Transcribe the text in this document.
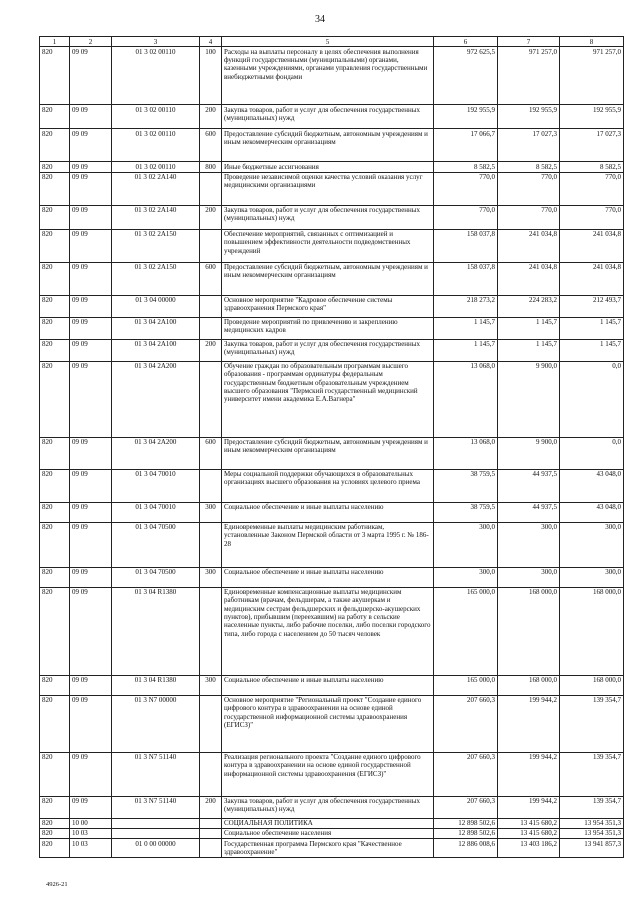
34
1	2	3	4	5	6	7	8
820	09 09	01 3 02 00110	100	Расходы на выплаты персоналу в целях обеспечения выполнения функций государственными (муниципальными) органами, казенными учреждениями, органами управления государственными внебюджетными фондами	972 625,5	971 257,0	971 257,0
820	09 09	01 3 02 00110	200	Закупка товаров, работ и услуг для обеспечения государственных (муниципальных) нужд	192 955,9	192 955,9	192 955,9
820	09 09	01 3 02 00110	600	Предоставление субсидий бюджетным, автономным учреждениям и иным некоммерческим организациям	17 066,7	17 027,3	17 027,3
820	09 09	01 3 02 00110	800	Иные бюджетные ассигнования	8 582,5	8 582,5	8 582,5
820	09 09	01 3 02 2А140		Проведение независимой оценки качества условий оказания услуг медицинскими организациями	770,0	770,0	770,0
820	09 09	01 3 02 2А140	200	Закупка товаров, работ и услуг для обеспечения государственных (муниципальных) нужд	770,0	770,0	770,0
820	09 09	01 3 02 2А150		Обеспечение мероприятий, связанных с оптимизацией и повышением эффективности деятельности подведомственных учреждений	158 037,8	241 034,8	241 034,8
820	09 09	01 3 02 2А150	600	Предоставление субсидий бюджетным, автономным учреждениям и иным некоммерческим организациям	158 037,8	241 034,8	241 034,8
820	09 09	01 3 04 00000		Основное мероприятие "Кадровое обеспечение системы здравоохранения Пермского края"	218 273,2	224 283,2	212 493,7
820	09 09	01 3 04 2А100		Проведение мероприятий по привлечению и закреплению медицинских кадров	1 145,7	1 145,7	1 145,7
820	09 09	01 3 04 2А100	200	Закупка товаров, работ и услуг для обеспечения государственных (муниципальных) нужд	1 145,7	1 145,7	1 145,7
820	09 09	01 3 04 2А200		Обучение граждан по образовательным программам высшего образования - программам ординатуры федеральным государственным бюджетным образовательным учреждением высшего образования "Пермский государственный медицинский университет имени академика Е.А.Вагнера"	13 068,0	9 900,0	0,0
820	09 09	01 3 04 2А200	600	Предоставление субсидий бюджетным, автономным учреждениям и иным некоммерческим организациям	13 068,0	9 900,0	0,0
820	09 09	01 3 04 70010		Меры социальной поддержки обучающихся в образовательных организациях высшего образования на условиях целевого приема	38 759,5	44 937,5	43 048,0
820	09 09	01 3 04 70010	300	Социальное обеспечение и иные выплаты населению	38 759,5	44 937,5	43 048,0
820	09 09	01 3 04 70500		Единовременные выплаты медицинским работникам, установленные Законом Пермской области от 3 марта 1995 г. № 186-28	300,0	300,0	300,0
820	09 09	01 3 04 70500	300	Социальное обеспечение и иные выплаты населению	300,0	300,0	300,0
820	09 09	01 3 04 R1380		Единовременные компенсационные выплаты медицинским работникам (врачам, фельдшерам, а также акушеркам и медицинским сестрам фельдшерских и фельдшерско-акушерских пунктов), прибывшим (переехавшим) на работу в сельские населенные пункты, либо рабочие поселки, либо поселки городского типа, либо города с населением до 50 тысяч человек	165 000,0	168 000,0	168 000,0
820	09 09	01 3 04 R1380	300	Социальное обеспечение и иные выплаты населению	165 000,0	168 000,0	168 000,0
820	09 09	01 3 N7 00000		Основное мероприятие "Региональный проект "Создание единого цифрового контура в здравоохранении на основе единой государственной информационной системы здравоохранения (ЕГИСЗ)"	207 660,3	199 944,2	139 354,7
820	09 09	01 3 N7 51140		Реализация регионального проекта "Создание единого цифрового контура в здравоохранении на основе единой государственной информационной системы здравоохранения (ЕГИСЗ)"	207 660,3	199 944,2	139 354,7
820	09 09	01 3 N7 51140	200	Закупка товаров, работ и услуг для обеспечения государственных (муниципальных) нужд	207 660,3	199 944,2	139 354,7
820	10 00			СОЦИАЛЬНАЯ ПОЛИТИКА	12 898 502,6	13 415 680,2	13 954 351,3
820	10 03			Социальное обеспечение населения	12 898 502,6	13 415 680,2	13 954 351,3
820	10 03	01 0 00 00000		Государственная программа Пермского края "Качественное здравоохранение"	12 886 008,6	13 403 186,2	13 941 857,3
4926-21
